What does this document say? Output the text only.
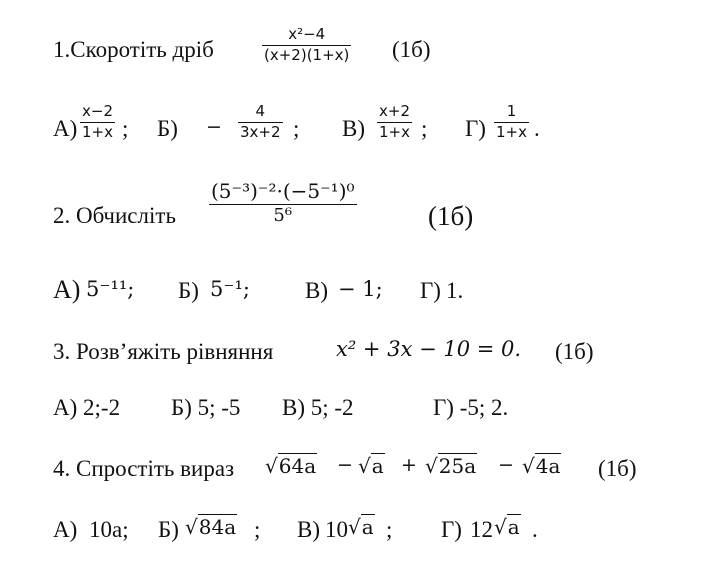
1.Скоротіть дріб
x²−4
(x+2)(1+x) (1б)
А)
x−2
1+x ; Б) −
4
3x+2 ; В)
x+2
1+x ; Г)
1
1+x .
2. Обчисліть
(5⁻³)⁻²·(−5⁻¹)⁰
5⁶	(1б)
А) 5⁻¹¹; Б) 5⁻¹; В) − 1; Г) 1.
3. Розв’яжіть рівняння	x² + 3x − 10 = 0. (1б)
А) 2;-2 Б) 5; -5 В) 5; -2	Г) -5; 2.
4. Спростіть вираз √64a − √a + √25a − √4a (1б)
А) 10a; Б) √84a ; В) 10 √a ; Г) 12 √a .
